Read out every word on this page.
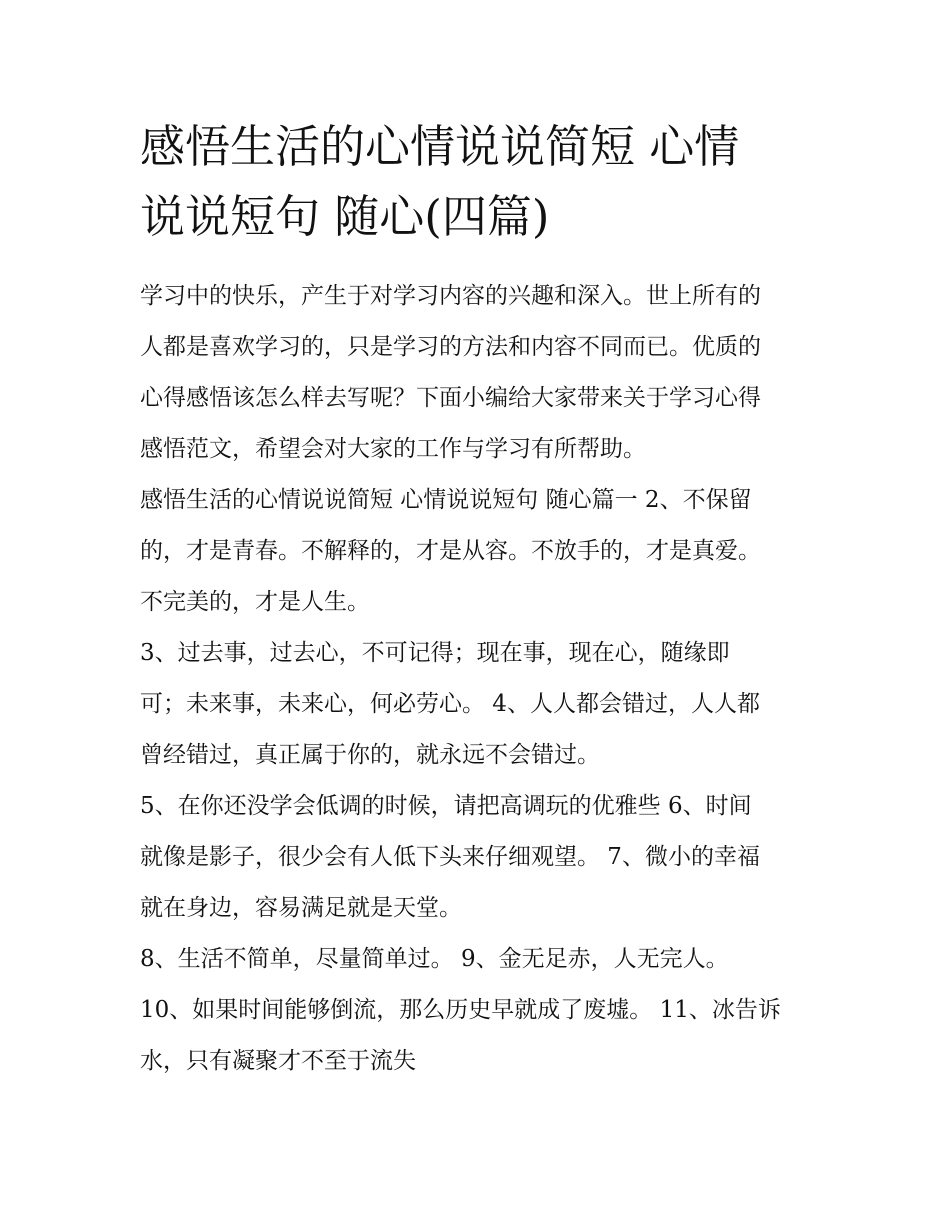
感悟生活的心情说说简短 心情
说说短句 随心(四篇)

学习中的快乐，产生于对学习内容的兴趣和深入。世上所有的
人都是喜欢学习的，只是学习的方法和内容不同而已。优质的
心得感悟该怎么样去写呢？下面小编给大家带来关于学习心得
感悟范文，希望会对大家的工作与学习有所帮助。

感悟生活的心情说说简短 心情说说短句 随心篇一 2、不保留
的，才是青春。不解释的，才是从容。不放手的，才是真爱。
不完美的，才是人生。

3、过去事，过去心，不可记得；现在事，现在心，随缘即
可；未来事，未来心，何必劳心。 4、人人都会错过，人人都
曾经错过，真正属于你的，就永远不会错过。

5、在你还没学会低调的时候，请把高调玩的优雅些 6、时间
就像是影子，很少会有人低下头来仔细观望。 7、微小的幸福
就在身边，容易满足就是天堂。

8、生活不简单，尽量简单过。 9、金无足赤，人无完人。

10、如果时间能够倒流，那么历史早就成了废墟。 11、冰告诉
水，只有凝聚才不至于流失
